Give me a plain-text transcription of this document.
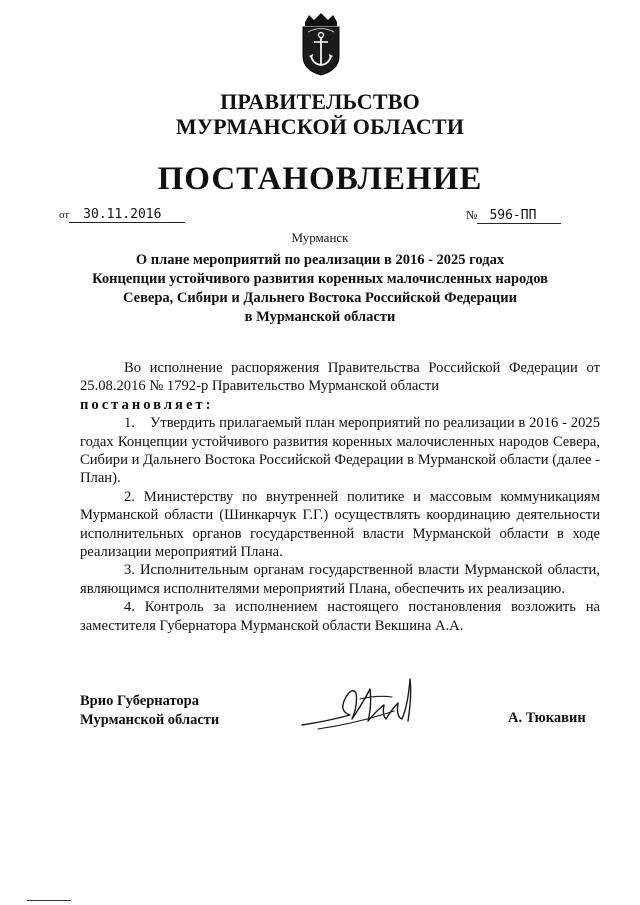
ПРАВИТЕЛЬСТВО
МУРМАНСКОЙ ОБЛАСТИ
ПОСТАНОВЛЕНИЕ
от 30.11.2016	№ 596-ПП
Мурманск
О плане мероприятий по реализации в 2016 - 2025 годах
Концепции устойчивого развития коренных малочисленных народов
Севера, Сибири и Дальнего Востока Российской Федерации
в Мурманской области

Во исполнение распоряжения Правительства Российской Федерации от 25.08.2016 № 1792-р Правительство Мурманской области

постановляет:

1. Утвердить прилагаемый план мероприятий по реализации в 2016 - 2025 годах Концепции устойчивого развития коренных малочисленных народов Севера, Сибири и Дальнего Востока Российской Федерации в Мурманской области (далее - План).

2. Министерству по внутренней политике и массовым коммуникациям Мурманской области (Шинкарчук Г.Г.) осуществлять координацию деятельности исполнительных органов государственной власти Мурманской области в ходе реализации мероприятий Плана.

3. Исполнительным органам государственной власти Мурманской области, являющимся исполнителями мероприятий Плана, обеспечить их реализацию.

4. Контроль за исполнением настоящего постановления возложить на заместителя Губернатора Мурманской области Векшина А.А.

Врио Губернатора
Мурманской области	А. Тюкавин
